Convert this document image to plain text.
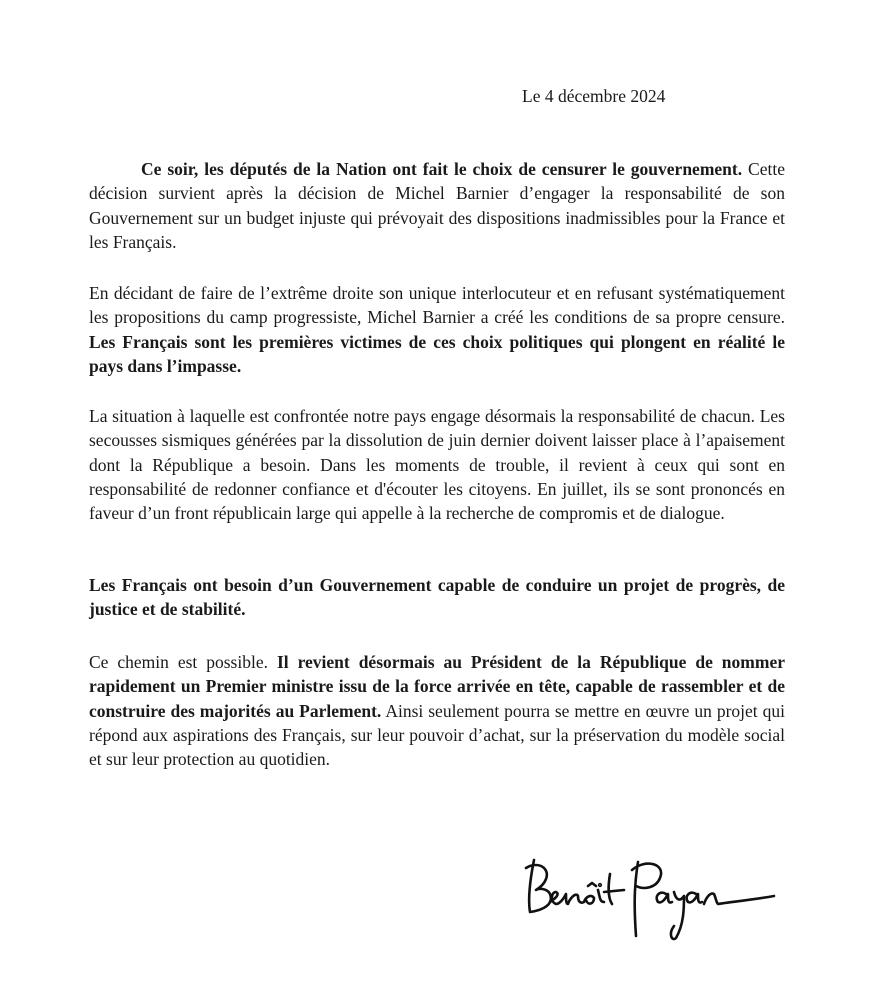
Le 4 décembre 2024

Ce soir, les députés de la Nation ont fait le choix de censurer le gouvernement. Cette décision survient après la décision de Michel Barnier d’engager la responsabilité de son Gouvernement sur un budget injuste qui prévoyait des dispositions inadmissibles pour la France et les Français.

En décidant de faire de l’extrême droite son unique interlocuteur et en refusant systématiquement les propositions du camp progressiste, Michel Barnier a créé les conditions de sa propre censure. Les Français sont les premières victimes de ces choix politiques qui plongent en réalité le pays dans l’impasse.

La situation à laquelle est confrontée notre pays engage désormais la responsabilité de chacun. Les secousses sismiques générées par la dissolution de juin dernier doivent laisser place à l’apaisement dont la République a besoin. Dans les moments de trouble, il revient à ceux qui sont en responsabilité de redonner confiance et d'écouter les citoyens. En juillet, ils se sont prononcés en faveur d’un front républicain large qui appelle à la recherche de compromis et de dialogue.

Les Français ont besoin d’un Gouvernement capable de conduire un projet de progrès, de justice et de stabilité.

Ce chemin est possible. Il revient désormais au Président de la République de nommer rapidement un Premier ministre issu de la force arrivée en tête, capable de rassembler et de construire des majorités au Parlement. Ainsi seulement pourra se mettre en œuvre un projet qui répond aux aspirations des Français, sur leur pouvoir d’achat, sur la préservation du modèle social et sur leur protection au quotidien.
